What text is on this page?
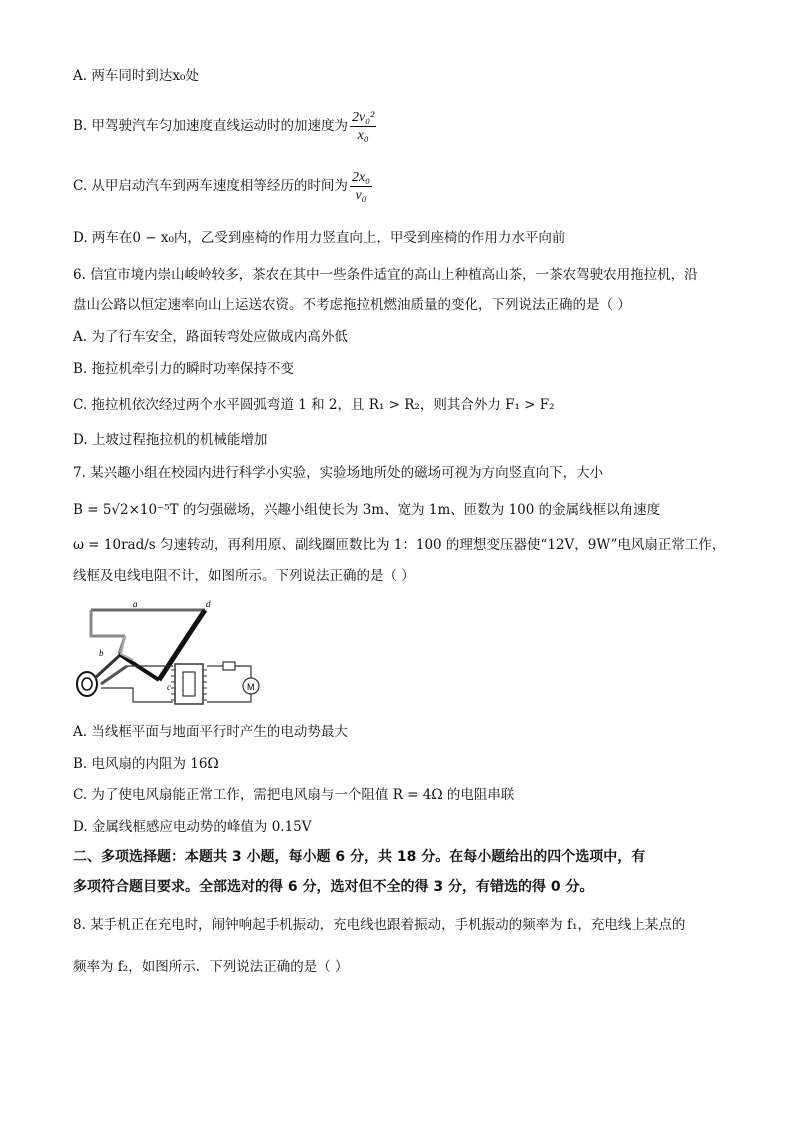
A. 两车同时到达x₀处
B. 甲驾驶汽车匀加速度直线运动时的加速度为 $\frac{\text{2v₀²}}{\text{x₀}}$
C. 从甲启动汽车到两车速度相等经历的时间为 $\frac{\text{2x₀}}{\text{v₀}}$
D. 两车在0 − x₀内，乙受到座椅的作用力竖直向上，甲受到座椅的作用力水平向前
6. 信宜市境内崇山峻岭较多，茶农在其中一些条件适宜的高山上种植高山茶，一茶农驾驶农用拖拉机，沿
盘山公路以恒定速率向山上运送农资。不考虑拖拉机燃油质量的变化，下列说法正确的是（ ）
A. 为了行车安全，路面转弯处应做成内高外低
B. 拖拉机牵引力的瞬时功率保持不变
C. 拖拉机依次经过两个水平圆弧弯道 1 和 2，且 R₁ > R₂，则其合外力 F₁ > F₂
D. 上坡过程拖拉机的机械能增加
7. 某兴趣小组在校园内进行科学小实验，实验场地所处的磁场可视为方向竖直向下，大小
B = 5√2×10⁻⁵T 的匀强磁场，兴趣小组使长为 3m、宽为 1m、匝数为 100 的金属线框以角速度
ω = 10rad/s 匀速转动，再利用原、副线圈匝数比为 1：100 的理想变压器使“12V，9W”电风扇正常工作，
线框及电线电阻不计，如图所示。下列说法正确的是（ ）
a	d
b
c	M
A. 当线框平面与地面平行时产生的电动势最大
B. 电风扇的内阻为 16Ω
C. 为了使电风扇能正常工作，需把电风扇与一个阻值 R = 4Ω 的电阻串联
D. 金属线框感应电动势的峰值为 0.15V
二、多项选择题：本题共 3 小题，每小题 6 分，共 18 分。在每小题给出的四个选项中，有
多项符合题目要求。全部选对的得 6 分，选对但不全的得 3 分，有错选的得 0 分。
8. 某手机正在充电时，闹钟响起手机振动，充电线也跟着振动，手机振动的频率为 f₁，充电线上某点的
频率为 f₂，如图所示．下列说法正确的是（ ）
